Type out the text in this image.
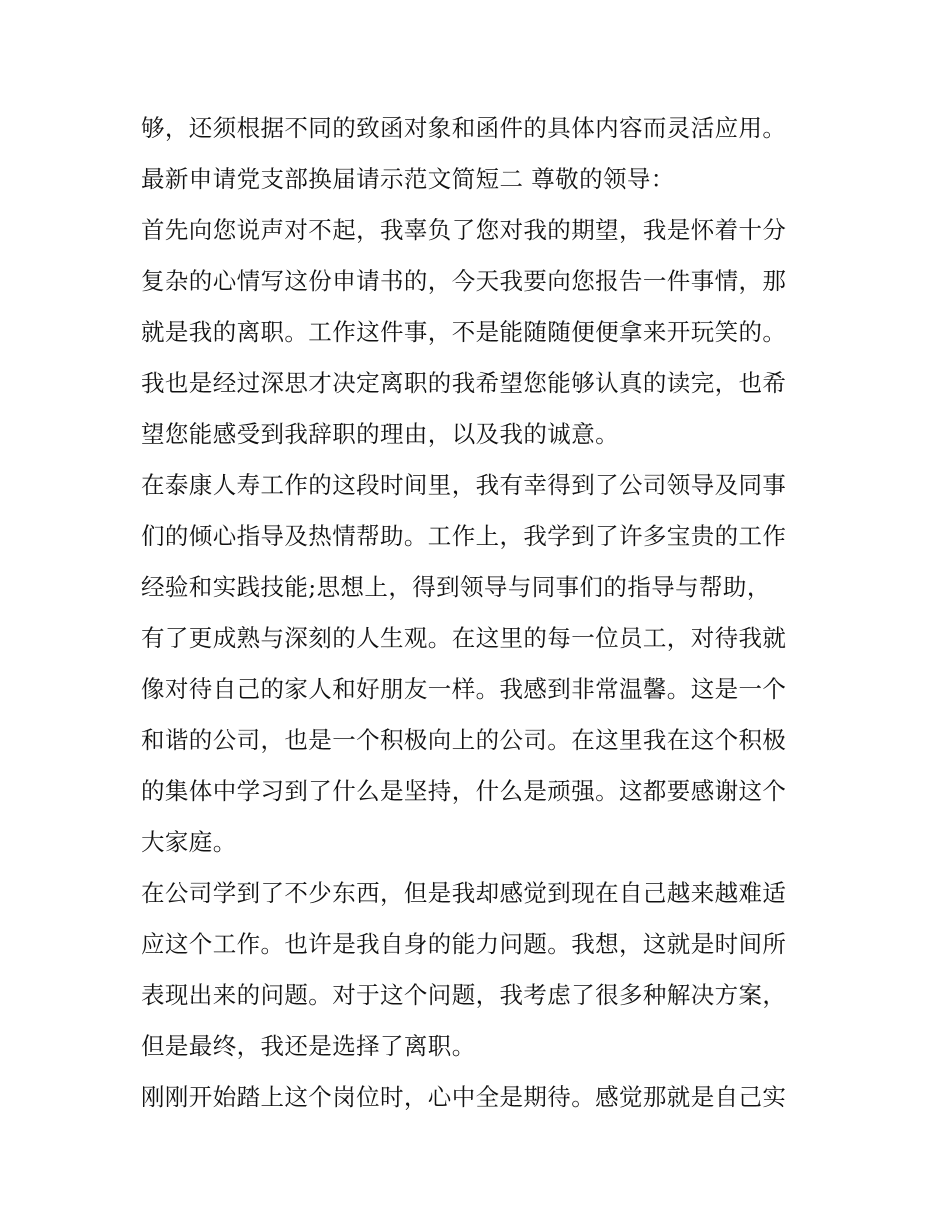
够，还须根据不同的致函对象和函件的具体内容而灵活应用。
最新申请党支部换届请示范文简短二 尊敬的领导：
首先向您说声对不起，我辜负了您对我的期望，我是怀着十分
复杂的心情写这份申请书的，今天我要向您报告一件事情，那
就是我的离职。工作这件事，不是能随随便便拿来开玩笑的。
我也是经过深思才决定离职的我希望您能够认真的读完，也希
望您能感受到我辞职的理由，以及我的诚意。
在泰康人寿工作的这段时间里，我有幸得到了公司领导及同事
们的倾心指导及热情帮助。工作上，我学到了许多宝贵的工作
经验和实践技能;思想上，得到领导与同事们的指导与帮助，
有了更成熟与深刻的人生观。在这里的每一位员工，对待我就
像对待自己的家人和好朋友一样。我感到非常温馨。这是一个
和谐的公司，也是一个积极向上的公司。在这里我在这个积极
的集体中学习到了什么是坚持，什么是顽强。这都要感谢这个
大家庭。
在公司学到了不少东西，但是我却感觉到现在自己越来越难适
应这个工作。也许是我自身的能力问题。我想，这就是时间所
表现出来的问题。对于这个问题，我考虑了很多种解决方案，
但是最终，我还是选择了离职。
刚刚开始踏上这个岗位时，心中全是期待。感觉那就是自己实
